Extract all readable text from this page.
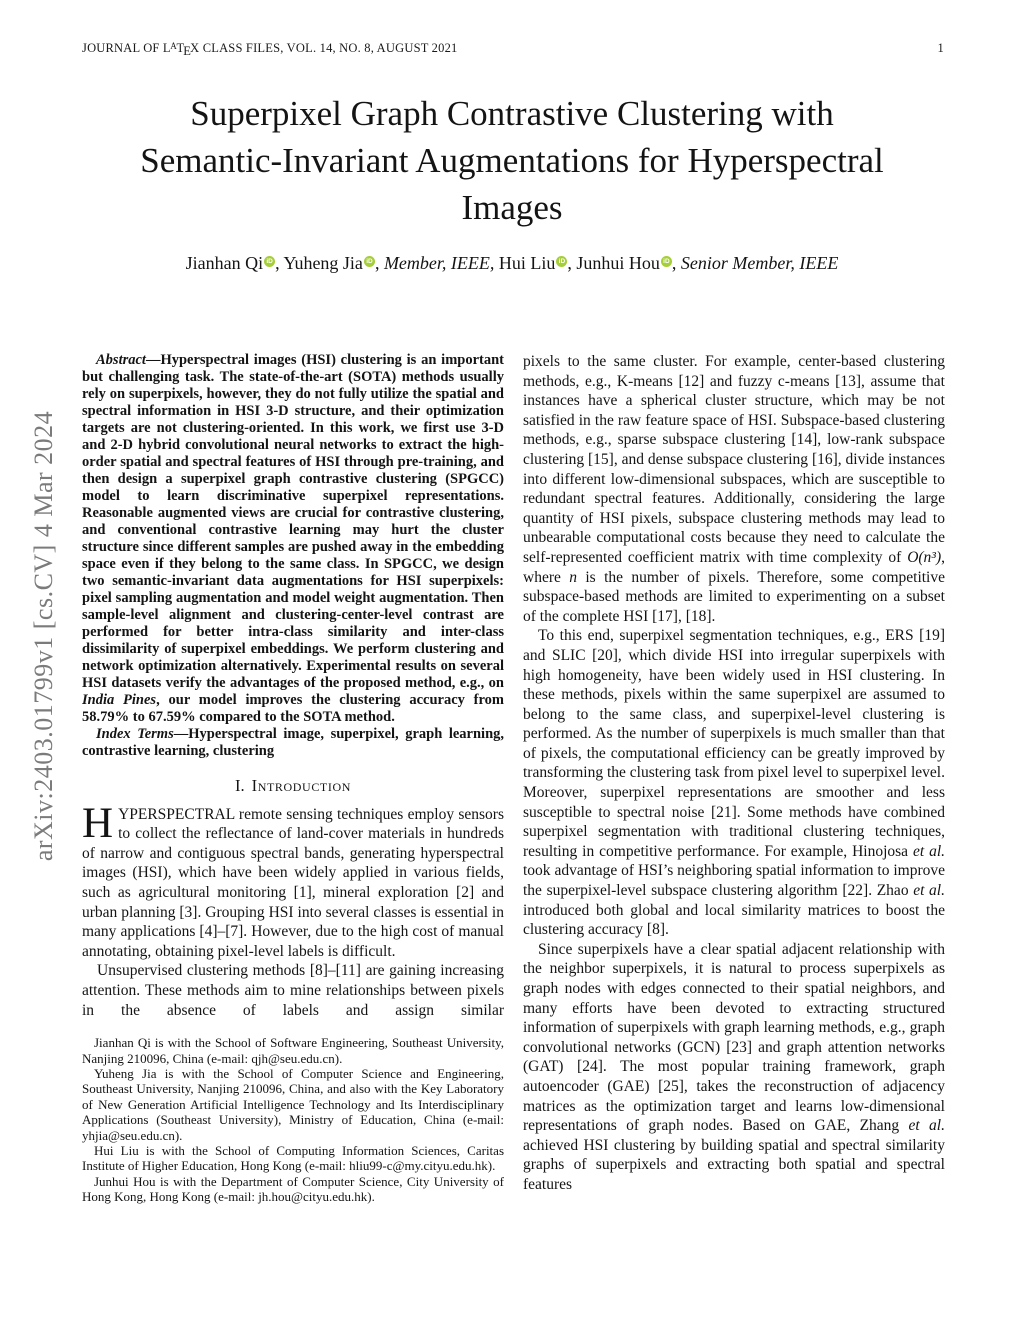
JOURNAL OF $L^ATEX$ CLASS FILES, VOL. 14, NO. 8, AUGUST 2021	1
arXiv:2403.01799v1 [cs.CV] 4 Mar 2024
Superpixel Graph Contrastive Clustering with
Semantic-Invariant Augmentations for Hyperspectral
Images
Jianhan Qi iD , Yuheng Jia iD , Member, IEEE, Hui Liu iD , Junhui Hou iD , Senior Member, IEEE

Abstract—Hyperspectral images (HSI) clustering is an important but challenging task. The state-of-the-art (SOTA) methods usually rely on superpixels, however, they do not fully utilize the spatial and spectral information in HSI 3-D structure, and their optimization targets are not clustering-oriented. In this work, we first use 3-D and 2-D hybrid convolutional neural networks to extract the high-order spatial and spectral features of HSI through pre-training, and then design a superpixel graph contrastive clustering (SPGCC) model to learn discriminative superpixel representations. Reasonable augmented views are crucial for contrastive clustering, and conventional contrastive learning may hurt the cluster structure since different samples are pushed away in the embedding space even if they belong to the same class. In SPGCC, we design two semantic-invariant data augmentations for HSI superpixels: pixel sampling augmentation and model weight augmentation. Then sample-level alignment and clustering-center-level contrast are performed for better intra-class similarity and inter-class dissimilarity of superpixel embeddings. We perform clustering and network optimization alternatively. Experimental results on several HSI datasets verify the advantages of the proposed method, e.g., on India Pines, our model improves the clustering accuracy from 58.79% to 67.59% compared to the SOTA method.

Index Terms—Hyperspectral image, superpixel, graph learning, contrastive learning, clustering

I. Introduction

HYPERSPECTRAL remote sensing techniques employ sensors to collect the reflectance of land-cover materials in hundreds of narrow and contiguous spectral bands, generating hyperspectral images (HSI), which have been widely applied in various fields, such as agricultural monitoring [1], mineral exploration [2] and urban planning [3]. Grouping HSI into several classes is essential in many applications [4]–[7]. However, due to the high cost of manual annotating, obtaining pixel-level labels is difficult.

Unsupervised clustering methods [8]–[11] are gaining increasing attention. These methods aim to mine relationships between pixels in the absence of labels and assign similar

Jianhan Qi is with the School of Software Engineering, Southeast University, Nanjing 210096, China (e-mail: qjh@seu.edu.cn).

Yuheng Jia is with the School of Computer Science and Engineering, Southeast University, Nanjing 210096, China, and also with the Key Laboratory of New Generation Artificial Intelligence Technology and Its Interdisciplinary Applications (Southeast University), Ministry of Education, China (e-mail: yhjia@seu.edu.cn).

Hui Liu is with the School of Computing Information Sciences, Caritas Institute of Higher Education, Hong Kong (e-mail: hliu99-c@my.cityu.edu.hk).

Junhui Hou is with the Department of Computer Science, City University of Hong Kong, Hong Kong (e-mail: jh.hou@cityu.edu.hk).

pixels to the same cluster. For example, center-based clustering methods, e.g., K-means [12] and fuzzy c-means [13], assume that instances have a spherical cluster structure, which may be not satisfied in the raw feature space of HSI. Subspace-based clustering methods, e.g., sparse subspace clustering [14], low-rank subspace clustering [15], and dense subspace clustering [16], divide instances into different low-dimensional subspaces, which are susceptible to redundant spectral features. Additionally, considering the large quantity of HSI pixels, subspace clustering methods may lead to unbearable computational costs because they need to calculate the self-represented coefficient matrix with time complexity of O(n³), where n is the number of pixels. Therefore, some competitive subspace-based methods are limited to experimenting on a subset of the complete HSI [17], [18].

To this end, superpixel segmentation techniques, e.g., ERS [19] and SLIC [20], which divide HSI into irregular superpixels with high homogeneity, have been widely used in HSI clustering. In these methods, pixels within the same superpixel are assumed to belong to the same class, and superpixel-level clustering is performed. As the number of superpixels is much smaller than that of pixels, the computational efficiency can be greatly improved by transforming the clustering task from pixel level to superpixel level. Moreover, superpixel representations are smoother and less susceptible to spectral noise [21]. Some methods have combined superpixel segmentation with traditional clustering techniques, resulting in competitive performance. For example, Hinojosa et al. took advantage of HSI’s neighboring spatial information to improve the superpixel-level subspace clustering algorithm [22]. Zhao et al. introduced both global and local similarity matrices to boost the clustering accuracy [8].

Since superpixels have a clear spatial adjacent relationship with the neighbor superpixels, it is natural to process superpixels as graph nodes with edges connected to their spatial neighbors, and many efforts have been devoted to extracting structured information of superpixels with graph learning methods, e.g., graph convolutional networks (GCN) [23] and graph attention networks (GAT) [24]. The most popular training framework, graph autoencoder (GAE) [25], takes the reconstruction of adjacency matrices as the optimization target and learns low-dimensional representations of graph nodes. Based on GAE, Zhang et al. achieved HSI clustering by building spatial and spectral similarity graphs of superpixels and extracting both spatial and spectral features
